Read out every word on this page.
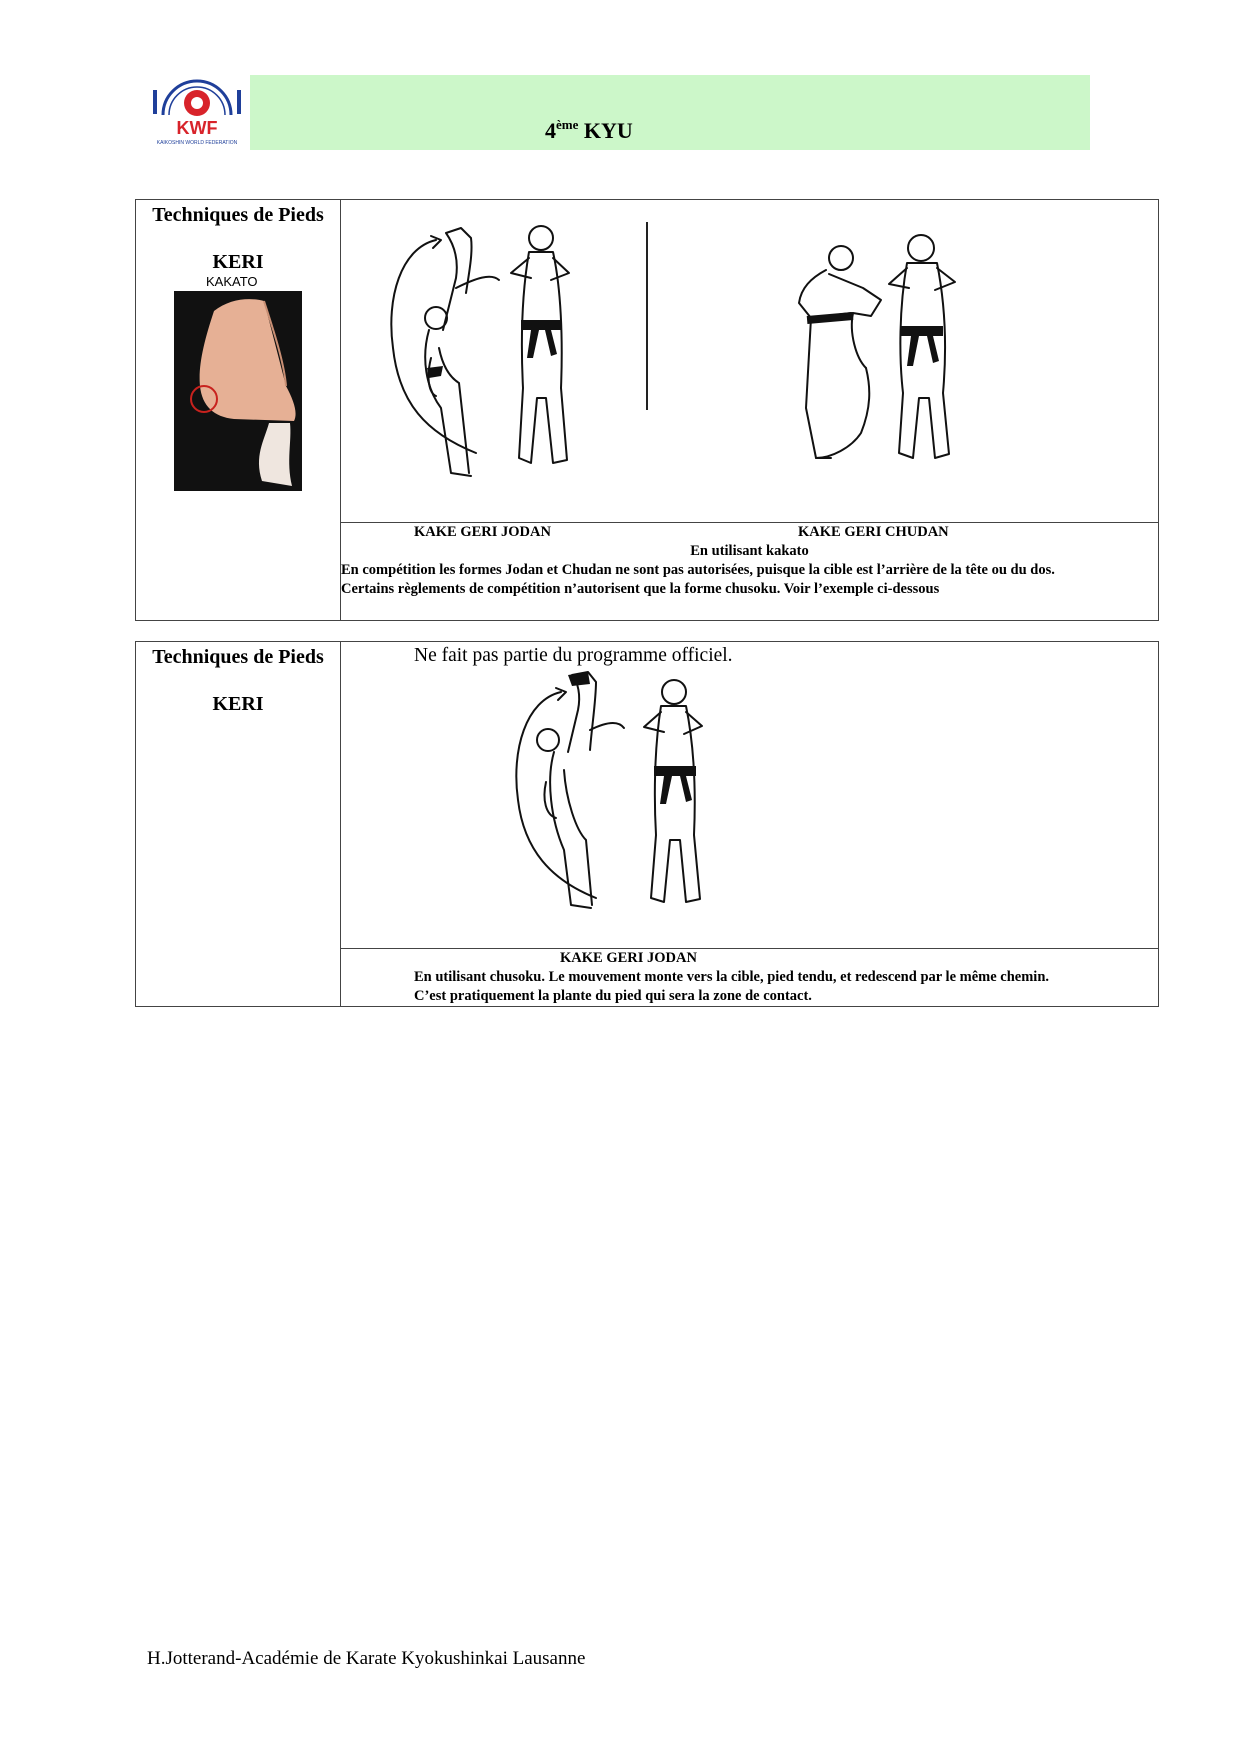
KWF
KAIKOSHIN WORLD FEDERATION	4ème KYU
Techniques de Pieds
KERI
KAKATO

KAKE GERI JODAN	KAKE GERI CHUDAN
En utilisant kakato
En compétition les formes Jodan et Chudan ne sont pas autorisées, puisque la cible est l’arrière de la tête ou du dos.
Certains règlements de compétition n’autorisent que la forme chusoku. Voir l’exemple ci-dessous
Techniques de Pieds
KERI

Ne fait pas partie du programme officiel.

KAKE GERI JODAN
En utilisant chusoku. Le mouvement monte vers la cible, pied tendu, et redescend par le même chemin.
C’est pratiquement la plante du pied qui sera la zone de contact.
H.Jotterand-Académie de Karate Kyokushinkai Lausanne
